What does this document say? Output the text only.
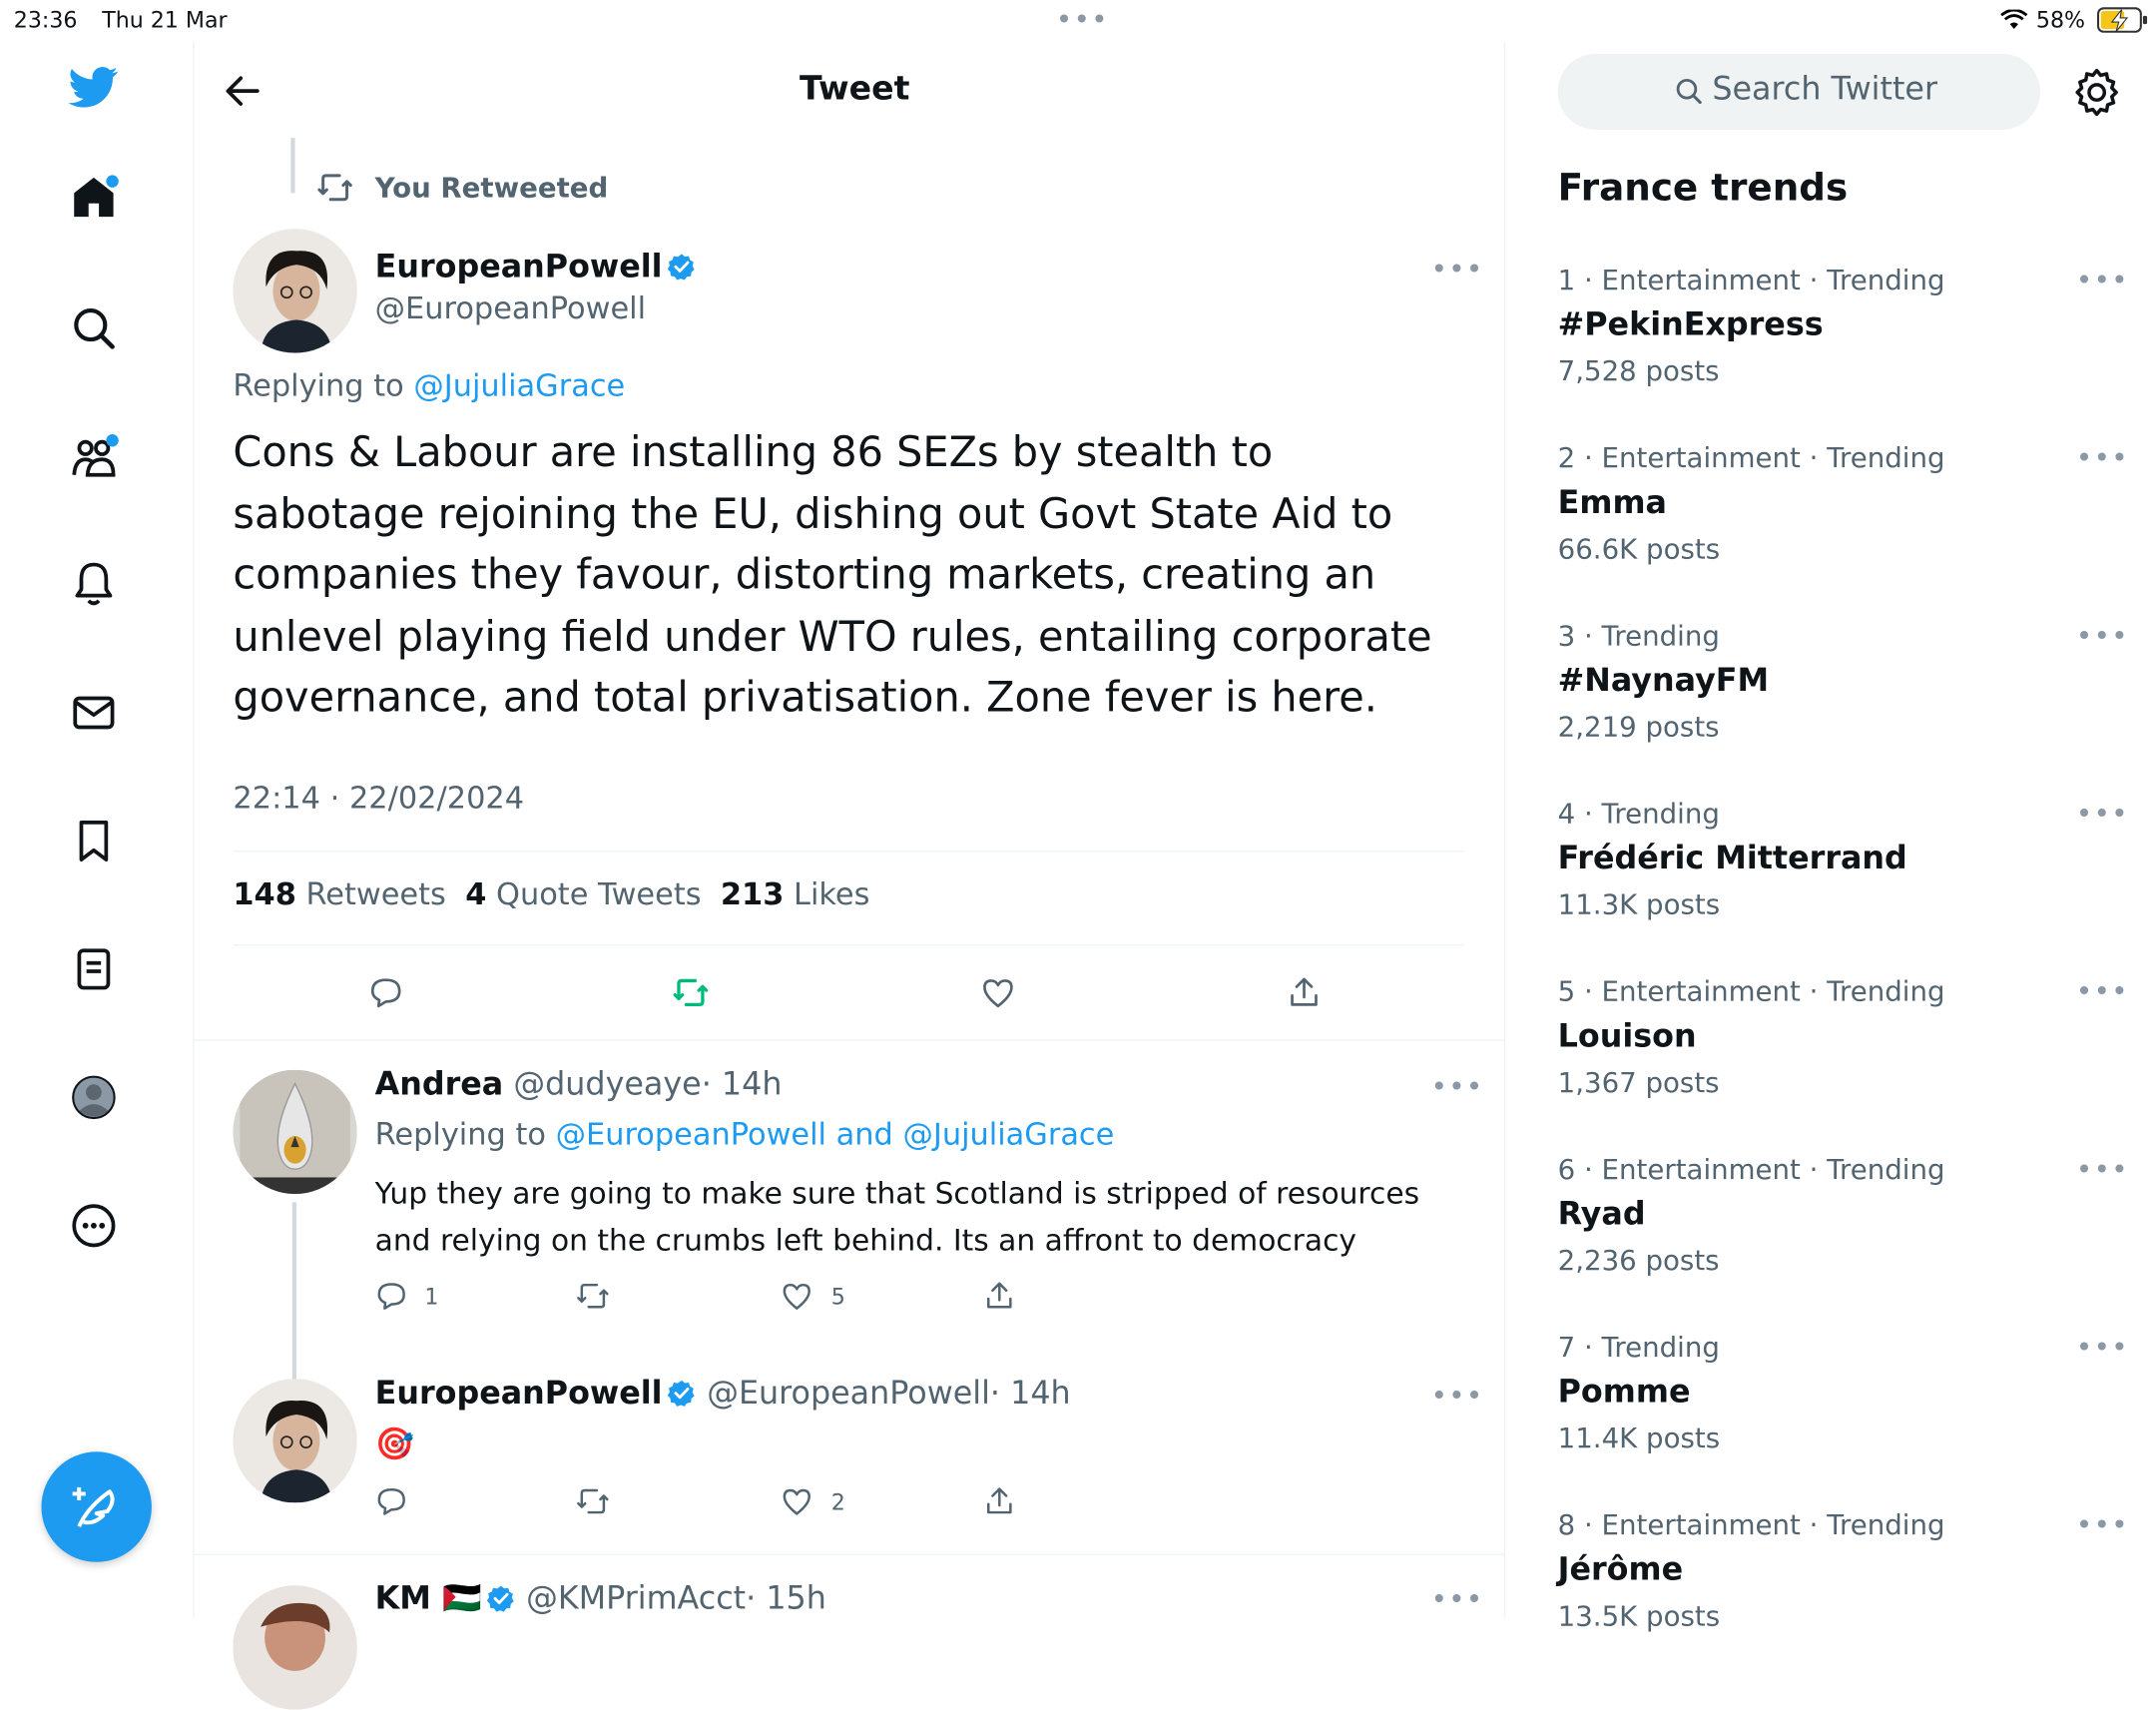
23:36 Thu 21 Mar	•••	58%
Tweet
You Retweeted
EuropeanPowell
@EuropeanPowell
•••
Replying to @JujuliaGrace
Cons & Labour are installing 86 SEZs by stealth to sabotage rejoining the EU, dishing out Govt State Aid to companies they favour, distorting markets, creating an unlevel playing field under WTO rules, entailing corporate governance, and total privatisation. Zone fever is here.
22:14 · 22/02/2024
148 Retweets 4 Quote Tweets 213 Likes
Andrea @dudyeaye· 14h
•••
Replying to @EuropeanPowell and @JujuliaGrace
Yup they are going to make sure that Scotland is stripped of resources and relying on the crumbs left behind. Its an affront to democracy
1	5
EuropeanPowell @EuropeanPowell· 14h
•••
🎯
2
KM 🇵🇸 @KMPrimAcct· 15h
•••
Search Twitter
France trends
1 · Entertainment · Trending
#PekinExpress
7,528 posts
•••
2 · Entertainment · Trending
Emma
66.6K posts
•••
3 · Trending
#NaynayFM
2,219 posts
•••
4 · Trending
Frédéric Mitterrand
11.3K posts
•••
5 · Entertainment · Trending
Louison
1,367 posts
•••
6 · Entertainment · Trending
Ryad
2,236 posts
•••
7 · Trending
Pomme
11.4K posts
•••
8 · Entertainment · Trending
Jérôme
13.5K posts
•••
